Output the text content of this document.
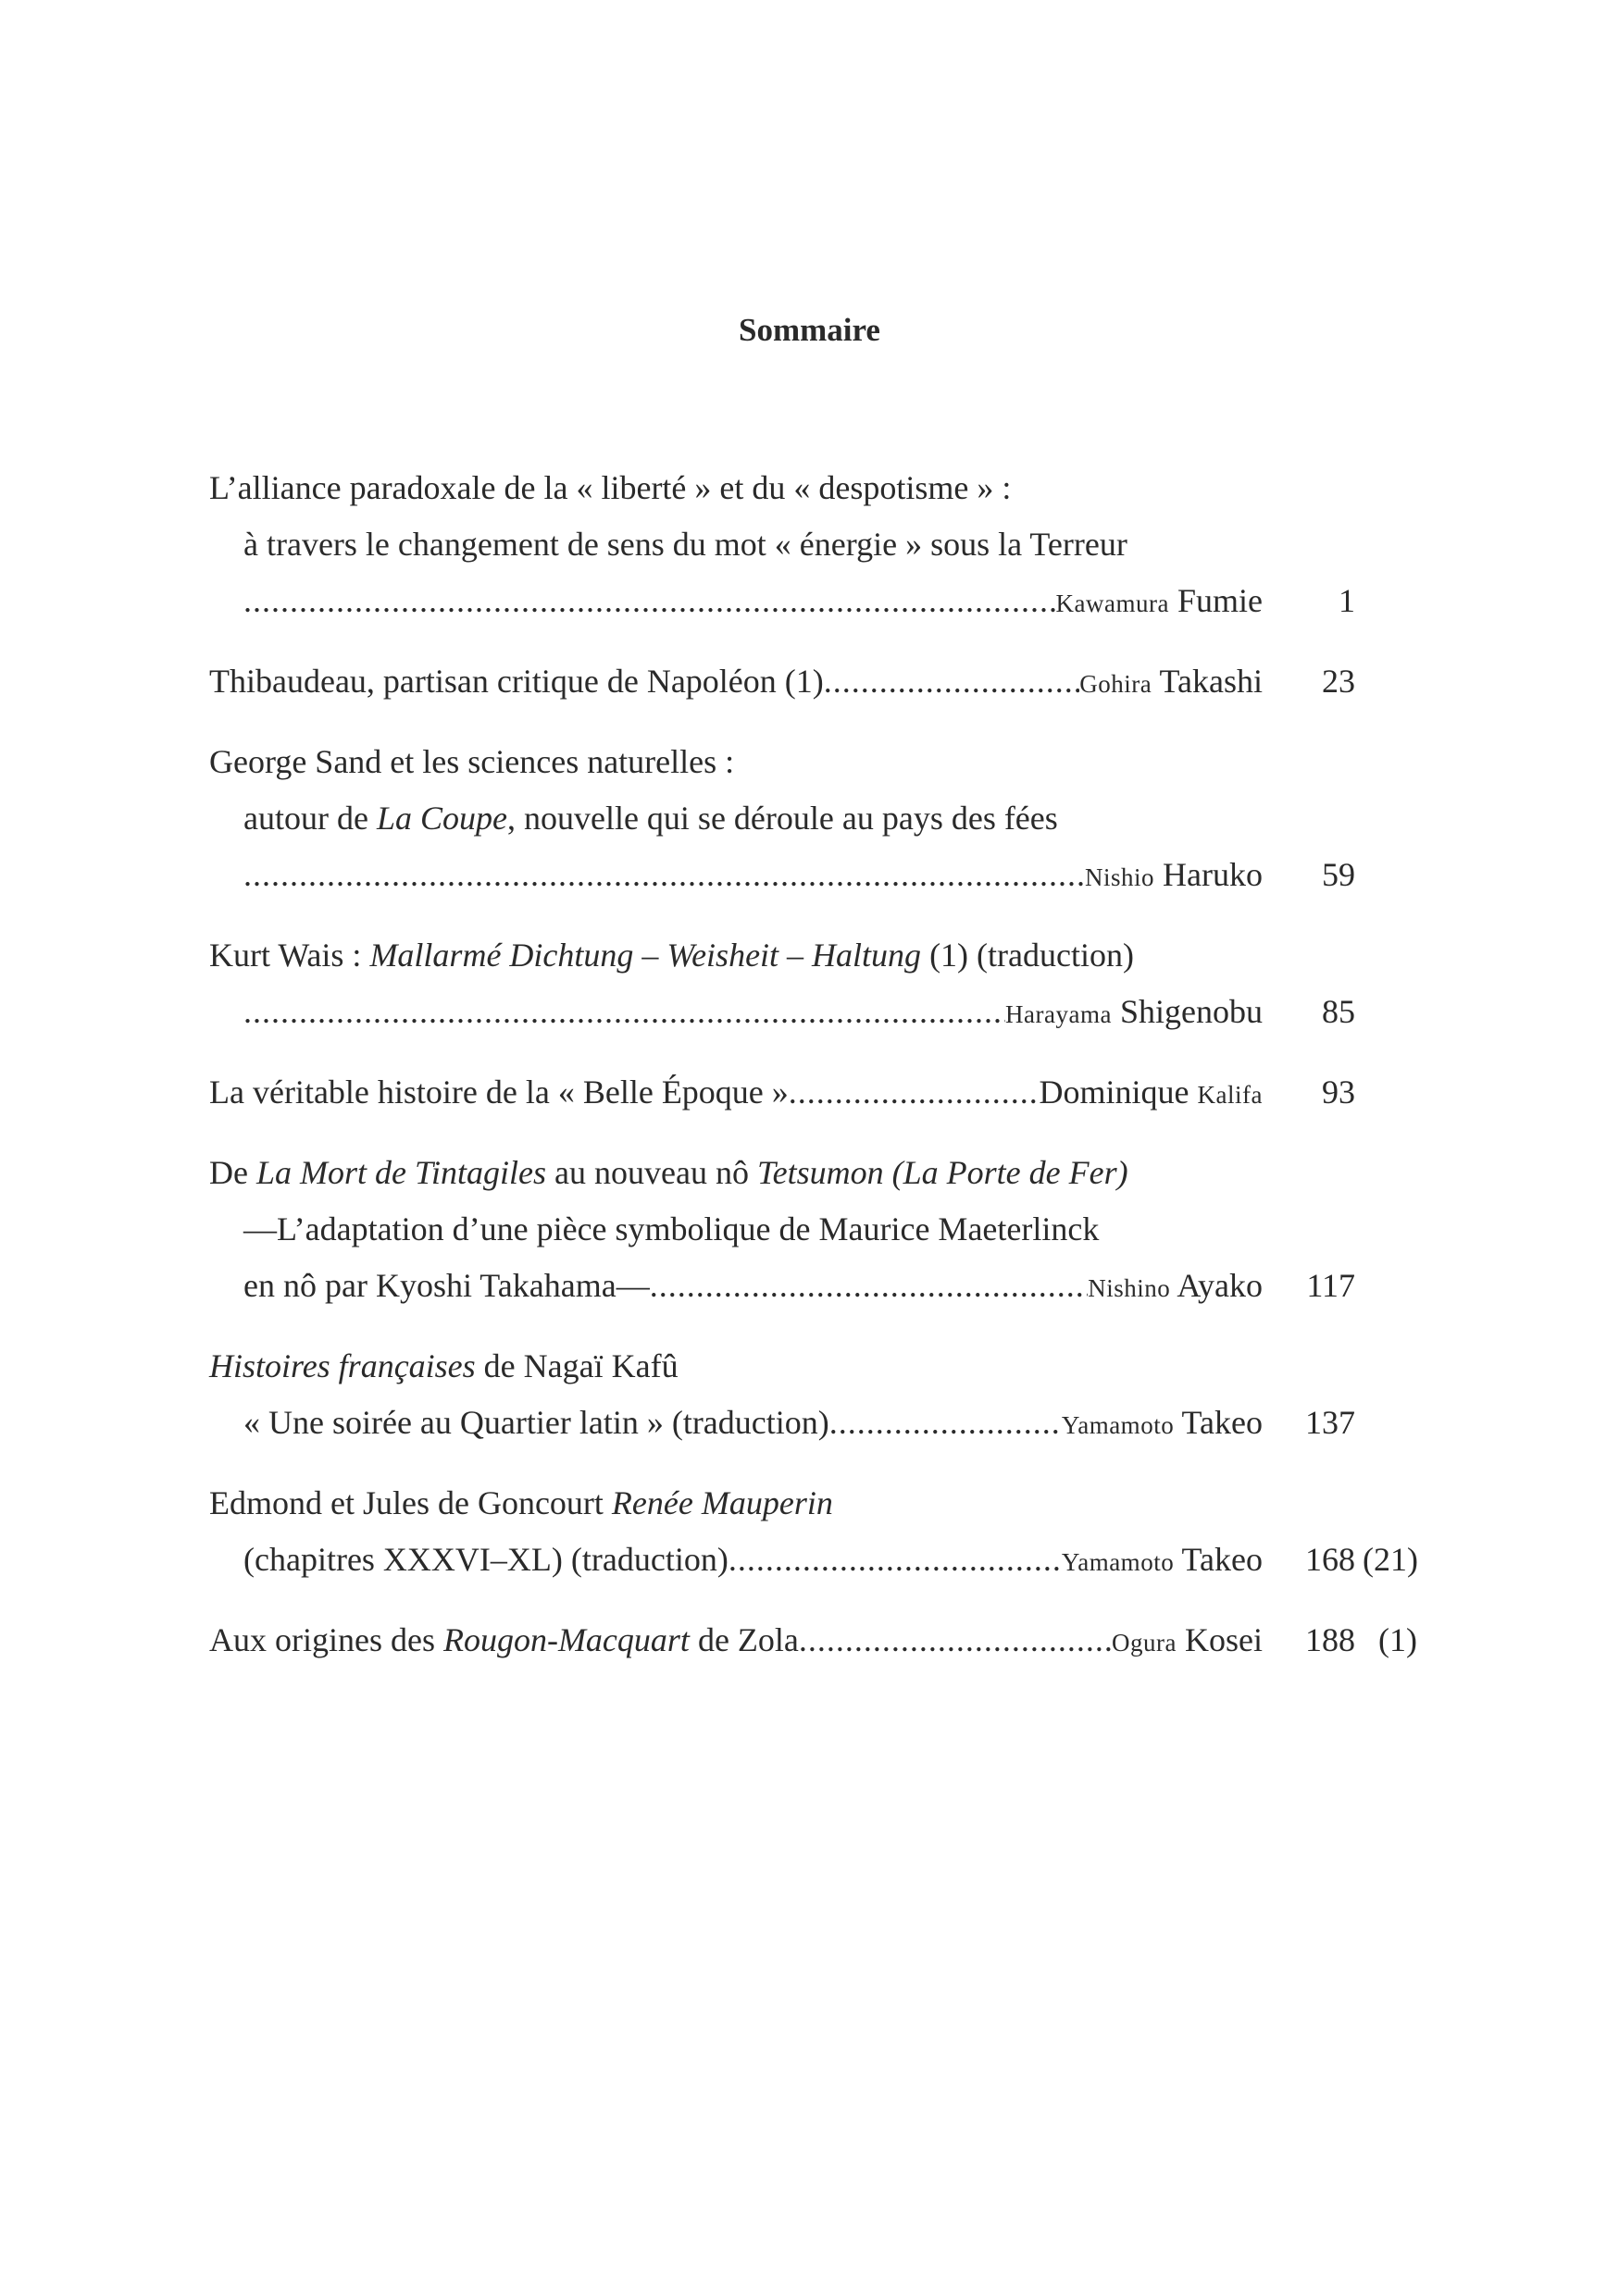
Sommaire
L’alliance paradoxale de la « liberté » et du « despotisme » :
à travers le changement de sens du mot « énergie » sous la Terreur
.....
Kawamura Fumie	1
Thibaudeau, partisan critique de Napoléon (1) .....	Gohira Takashi	23
George Sand et les sciences naturelles :
autour de La Coupe, nouvelle qui se déroule au pays des fées
.....
Nishio Haruko	59
Kurt Wais : Mallarmé Dichtung – Weisheit – Haltung (1) (traduction)
.....
Harayama Shigenobu	85
La véritable histoire de la « Belle Époque » .....	Dominique Kalifa	93
De La Mort de Tintagiles au nouveau nô Tetsumon (La Porte de Fer)
—L’adaptation d’une pièce symbolique de Maurice Maeterlinck
en nô par Kyoshi Takahama— .....	Nishino Ayako	117
Histoires françaises de Nagaï Kafû
« Une soirée au Quartier latin » (traduction) .....	Yamamoto Takeo	137
Edmond et Jules de Goncourt Renée Mauperin
(chapitres XXXVI–XL) (traduction) .....	Yamamoto Takeo	168 (21)
Aux origines des Rougon-Macquart de Zola .....	Ogura Kosei	188 (1)
